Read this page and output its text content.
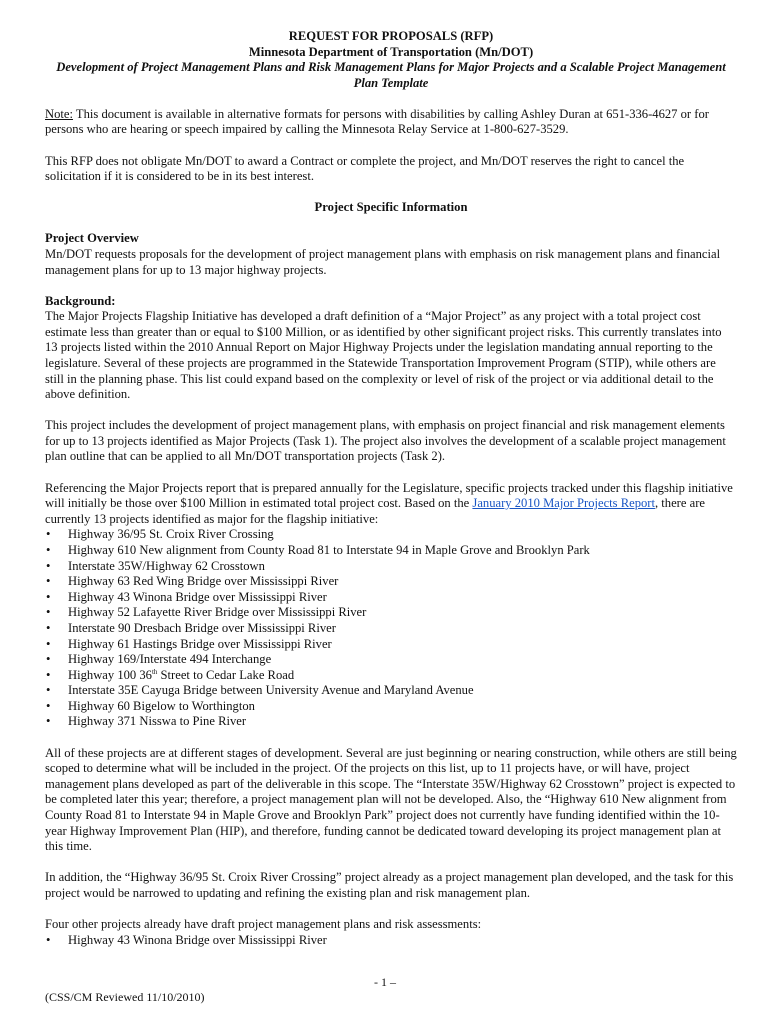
REQUEST FOR PROPOSALS (RFP)

Minnesota Department of Transportation (Mn/DOT)

Development of Project Management Plans and Risk Management Plans for Major Projects and a Scalable Project Management Plan Template

Note: This document is available in alternative formats for persons with disabilities by calling Ashley Duran at 651-336-4627 or for persons who are hearing or speech impaired by calling the Minnesota Relay Service at 1-800-627-3529.

This RFP does not obligate Mn/DOT to award a Contract or complete the project, and Mn/DOT reserves the right to cancel the solicitation if it is considered to be in its best interest.

Project Specific Information

Project Overview

Mn/DOT requests proposals for the development of project management plans with emphasis on risk management plans and financial management plans for up to 13 major highway projects.

Background:

The Major Projects Flagship Initiative has developed a draft definition of a “Major Project” as any project with a total project cost estimate less than greater than or equal to $100 Million, or as identified by other significant project risks. This currently translates into 13 projects listed within the 2010 Annual Report on Major Highway Projects under the legislation mandating annual reporting to the legislature. Several of these projects are programmed in the Statewide Transportation Improvement Program (STIP), while others are still in the planning phase. This list could expand based on the complexity or level of risk of the project or via additional detail to the above definition.

This project includes the development of project management plans, with emphasis on project financial and risk management elements for up to 13 projects identified as Major Projects (Task 1). The project also involves the development of a scalable project management plan outline that can be applied to all Mn/DOT transportation projects (Task 2).

Referencing the Major Projects report that is prepared annually for the Legislature, specific projects tracked under this flagship initiative will initially be those over $100 Million in estimated total project cost. Based on the January 2010 Major Projects Report, there are currently 13 projects identified as major for the flagship initiative:

• Highway 36/95 St. Croix River Crossing
• Highway 610 New alignment from County Road 81 to Interstate 94 in Maple Grove and Brooklyn Park
• Interstate 35W/Highway 62 Crosstown
• Highway 63 Red Wing Bridge over Mississippi River
• Highway 43 Winona Bridge over Mississippi River
• Highway 52 Lafayette River Bridge over Mississippi River
• Interstate 90 Dresbach Bridge over Mississippi River
• Highway 61 Hastings Bridge over Mississippi River
• Highway 169/Interstate 494 Interchange
• Highway 100 36th Street to Cedar Lake Road
• Interstate 35E Cayuga Bridge between University Avenue and Maryland Avenue
• Highway 60 Bigelow to Worthington
• Highway 371 Nisswa to Pine River

All of these projects are at different stages of development. Several are just beginning or nearing construction, while others are still being scoped to determine what will be included in the project. Of the projects on this list, up to 11 projects have, or will have, project management plans developed as part of the deliverable in this scope. The “Interstate 35W/Highway 62 Crosstown” project is expected to be completed later this year; therefore, a project management plan will not be developed. Also, the “Highway 610 New alignment from County Road 81 to Interstate 94 in Maple Grove and Brooklyn Park” project does not currently have funding identified within the 10-year Highway Improvement Plan (HIP), and therefore, funding cannot be dedicated toward developing its project management plan at this time.

In addition, the “Highway 36/95 St. Croix River Crossing” project already as a project management plan developed, and the task for this project would be narrowed to updating and refining the existing plan and risk management plan.

Four other projects already have draft project management plans and risk assessments:

• Highway 43 Winona Bridge over Mississippi River
- 1 –
(CSS/CM Reviewed 11/10/2010)
